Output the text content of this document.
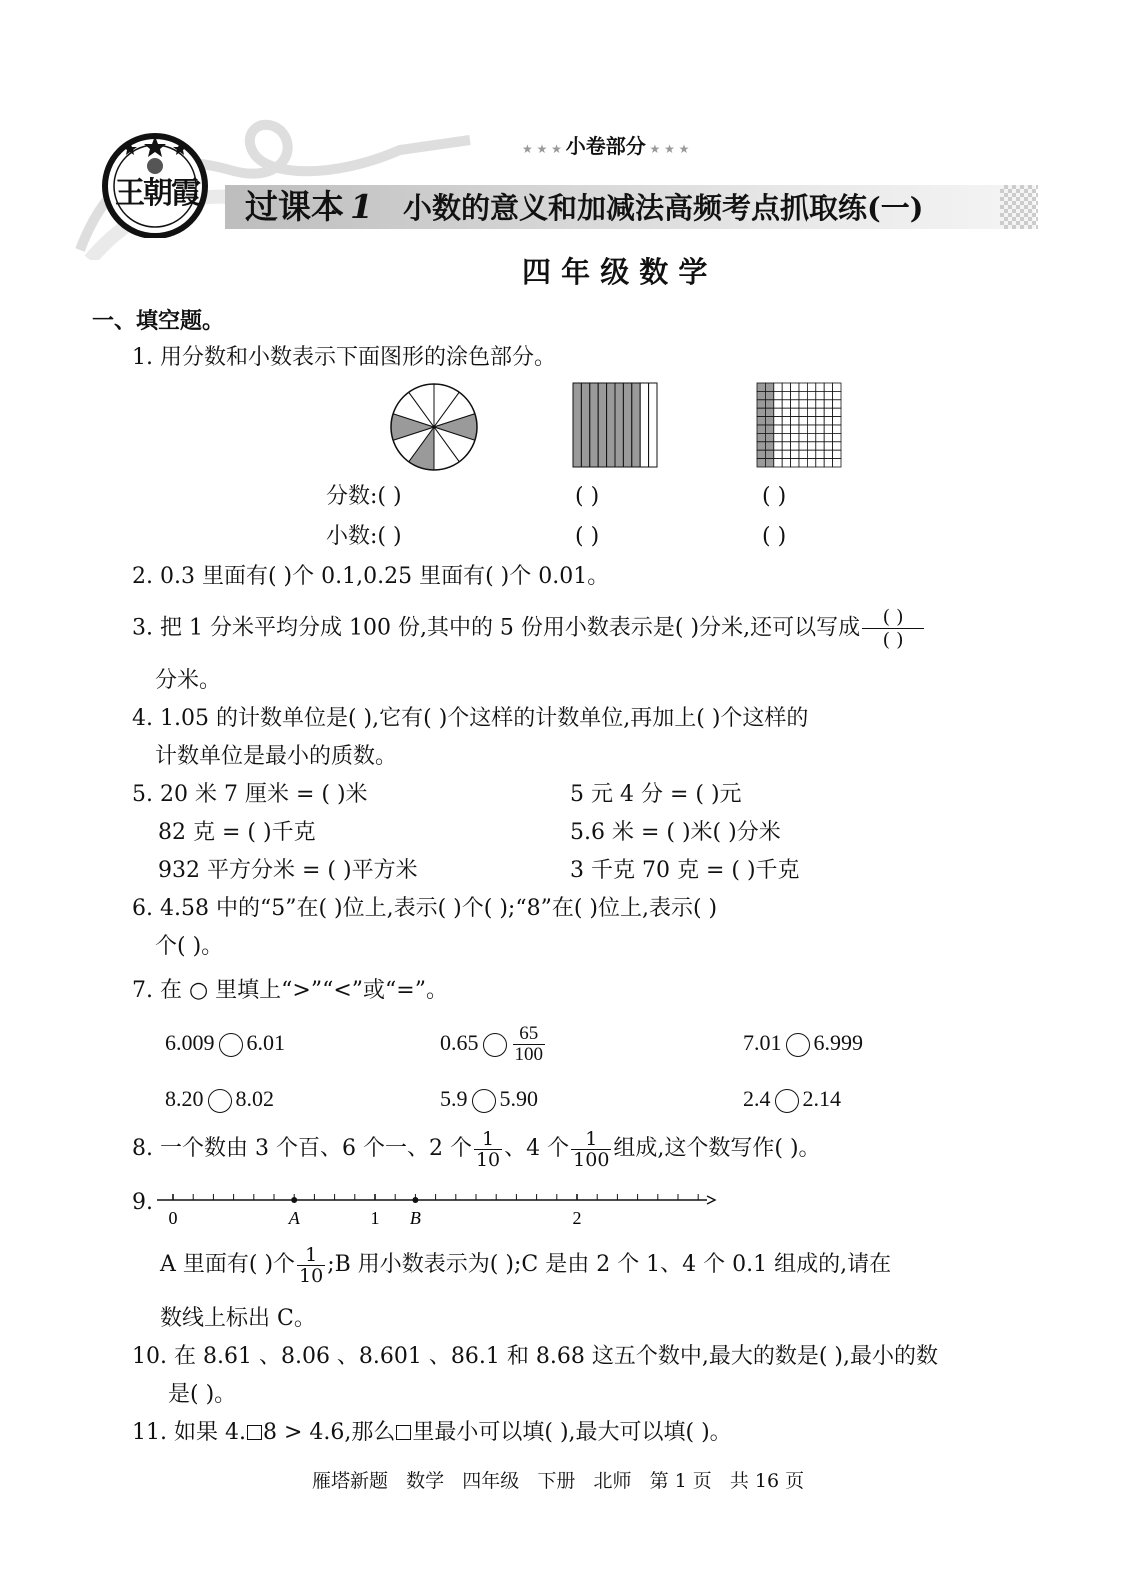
王朝霞
★ ★ ★ 小卷部分 ★ ★ ★
过课本 1 小数的意义和加减法高频考点抓取练(一)
四 年 级 数 学
一、填空题。
1. 用分数和小数表示下面图形的涂色部分。
分数:( )	( )	( )
小数:( )	( )	( )
2. 0.3 里面有( )个 0.1,0.25 里面有( )个 0.01。
3. 把 1 分米平均分成 100 份,其中的 5 份用小数表示是( )分米,还可以写成 $\frac{( )}{( )}$
分米。
4. 1.05 的计数单位是( ),它有( )个这样的计数单位,再加上( )个这样的
计数单位是最小的质数。
5. 20 米 7 厘米 = ( )米	5 元 4 分 = ( )元
82 克 = ( )千克	5.6 米 = ( )米( )分米
932 平方分米 = ( )平方米	3 千克 70 克 = ( )千克
6. 4.58 中的“5”在( )位上,表示( )个( );“8”在( )位上,表示( )
个( )。
7. 在 ○ 里填上“>”“<”或“=”。
6.009 6.01	$0.65 \frac{65}{100}$	7.01 6.999
8.20 8.02	5.9 5.90	2.4 2.14
8. 一个数由 3 个百、6 个一、2 个 $\frac{1}{10}$ 、4 个 $\frac{1}{100}$ 组成,这个数写作( )。
9.
0	A	1 B	2
A 里面有( )个 $\frac{1}{10}$ ;B 用小数表示为( );C 是由 2 个 1、4 个 0.1 组成的,请在
数线上标出 C。
10. 在 8.61 、8.06 、8.601 、86.1 和 8.68 这五个数中,最大的数是( ),最小的数
是( )。
11. 如果 4. 8 > 4.6,那么 里最小可以填( ),最大可以填( )。
雁塔新题   数学   四年级   下册   北师   第 1 页   共 16 页
